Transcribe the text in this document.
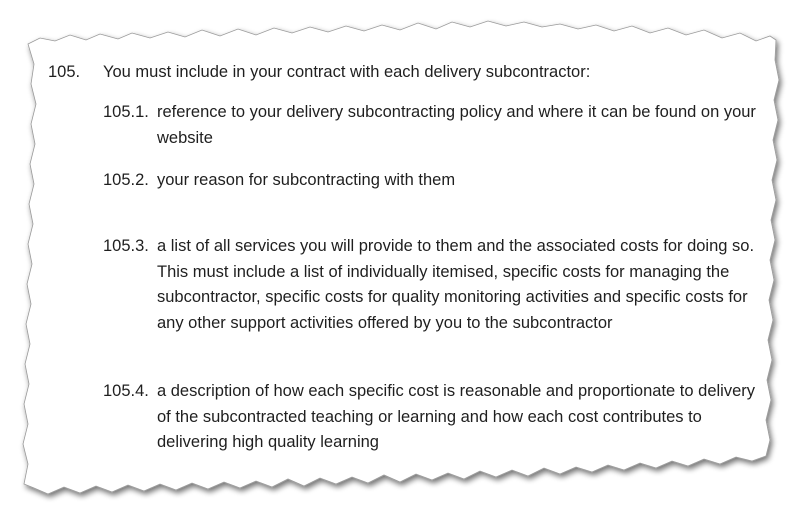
105. You must include in your contract with each delivery subcontractor:
105.1. reference to your delivery subcontracting policy and where it can be found on your website
105.2. your reason for subcontracting with them
105.3. a list of all services you will provide to them and the associated costs for doing so. This must include a list of individually itemised, specific costs for managing the subcontractor, specific costs for quality monitoring activities and specific costs for any other support activities offered by you to the subcontractor
105.4. a description of how each specific cost is reasonable and proportionate to delivery of the subcontracted teaching or learning and how each cost contributes to delivering high quality learning
